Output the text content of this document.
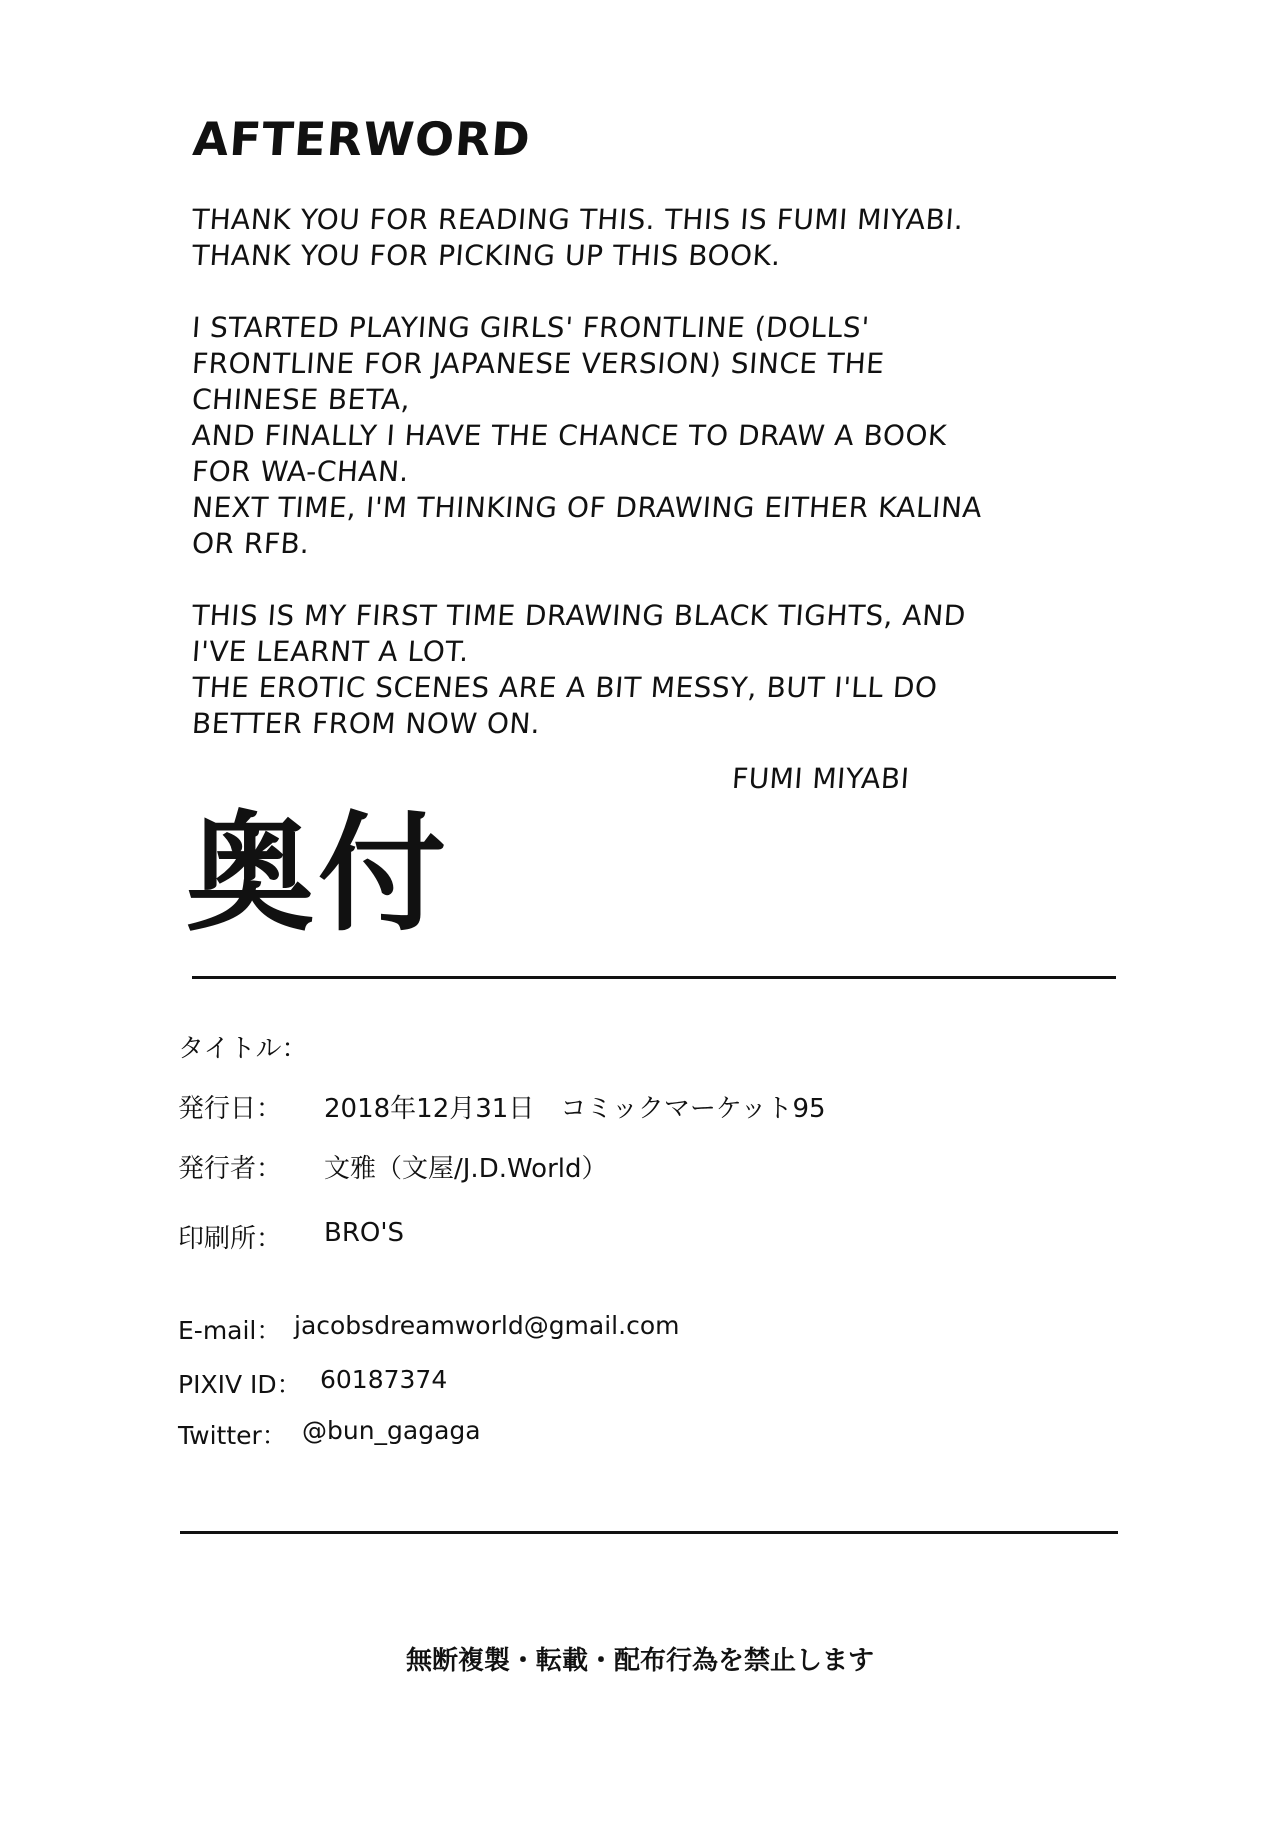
AFTERWORD
THANK YOU FOR READING THIS. THIS IS FUMI MIYABI.
THANK YOU FOR PICKING UP THIS BOOK.
I STARTED PLAYING GIRLS' FRONTLINE (DOLLS'
FRONTLINE FOR JAPANESE VERSION) SINCE THE
CHINESE BETA,
AND FINALLY I HAVE THE CHANCE TO DRAW A BOOK
FOR WA-CHAN.
NEXT TIME, I'M THINKING OF DRAWING EITHER KALINA
OR RFB.
THIS IS MY FIRST TIME DRAWING BLACK TIGHTS, AND
I'VE LEARNT A LOT.
THE EROTIC SCENES ARE A BIT MESSY, BUT I'LL DO
BETTER FROM NOW ON.
FUMI MIYABI
奥付
タイトル：
発行日： 2018年12月31日　コミックマーケット95
発行者： 文雅（文屋/J.D.World）
印刷所： BRO'S
E-mail： jacobsdreamworld@gmail.com
PIXIV ID： 60187374
Twitter： @bun_gagaga
無断複製・転載・配布行為を禁止します
